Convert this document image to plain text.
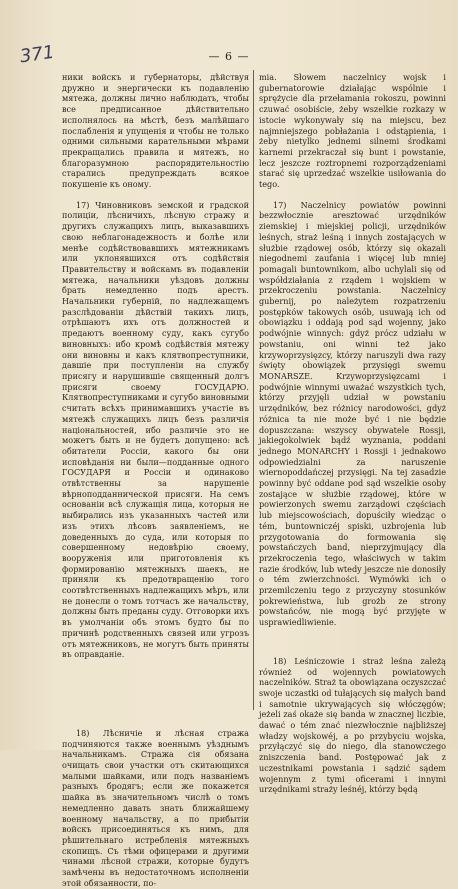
371	— 6 —

ники войскъ и губернаторы, дѣйствуя дружно и энергически къ подавленію мятежа, должны лично наблюдать, чтобы все предписанное дѣйствительно исполнялось на мѣстѣ, безъ малѣйшаго послабленія и упущенія и чтобы не только одними сильными карательными мѣрами прекращались правила и мятежъ, но благоразумною распорядительностію старались предупреждать всякое покушеніе къ оному.

17) Чиновниковъ земской и градской полиціи, лѣсничихъ, лѣсную стражу и другихъ служащихъ лицъ, выказавшихъ свою неблагонадежность и болѣе или менѣе содѣйствовавшихъ мятежникамъ или уклонявшихся отъ содѣйствія Правительству и войскамъ въ подавленіи мятежа, начальники уѣздовъ должны брать немедленно подъ арестъ. Начальники губерній, по надлежащемъ разслѣдованіи дѣйствій такихъ лицъ, отрѣшаютъ ихъ отъ должностей и предаютъ военному суду, какъ сугубо виновныхъ: ибо кромѣ содѣйствія мятежу они виновны и какъ клятвопреступники, давшіе при поступленіи на службу присягу и нарушившіе священный долгъ присяги своему ГОСУДАРЮ. Клятвопреступниками и сугубо виновными считать всѣхъ принимавшихъ участіе въ мятежѣ служащихъ лицъ безъ различія національностей, ибо различіе это не можетъ быть и не будетъ допущено: всѣ обитатели Россіи, какого бы они исповѣданія ни были—подданные одного ГОСУДАРЯ и Россіи и одинаково отвѣтственны за нарушеніе вѣрноподданнической присяги. На семъ основаніи всѣ служащія лица, которыя не выбирались изъ указанныхъ частей или изъ этихъ лѣсовъ заявленіемъ, не доведенныхъ до суда, или которыя по совершенному недовѣрію своему, вооруженія или приготовленія къ формированію мятежныхъ шаекъ, не приняли къ предотвращенію того соотвѣтственныхъ надлежащихъ мѣръ, или не донесли о томъ тотчасъ же начальству, должны быть преданы суду. Отговорки ихъ въ умолчаніи объ этомъ будто бы по причинѣ родственныхъ связей или угрозъ отъ мятежниковъ, не могутъ быть приняты въ оправданіе.

18) Лѣсничіе и лѣсная стража подчиняются также военнымъ уѣзднымъ начальникамъ. Стража сія обязана очищать свои участки отъ скитающихся малыми шайками, или подъ названіемъ разныхъ бродягъ; если же покажется шайка въ значительномъ числѣ о томъ немедленно давать знать ближайшему военному начальству, а по прибытіи войскъ присоединяться къ нимъ, для рѣшительнаго истребленія мятежныхъ скопищъ. Съ тѣми офицерами и другими чинами лѣсной стражи, которые будутъ замѣчены въ недостаточномъ исполненіи этой обязанности, по-

mia. Słowem naczelnicy wojsk i gubernatorowie działając wspólnie i sprężycie dla przełamania rokoszu, powinni czuwać osobiście, żeby wszelkie rozkazy w istocie wykonywały się na miejscu, bez najmniejszego pobłażania i odstąpienia, i żeby nietylko jednemi silnemi środkami karnemi przekraczał się bunt i powstanie, lecz jeszcze roztropnemi rozporządzeniami starać się uprzedzać wszelkie usiłowania do tego.

17) Naczelnicy powiatów powinni bezzwłocznie aresztować urzędników ziemskiej i miejskiej policji, urzędników leśnych, straż leśną i innych zostających w służbie rządowej osób, którzy się okazali niegodnemi zaufania i więcej lub mniej pomagali buntownikom, albo uchylali się od współdziałania z rządem i wojskiem w przekroczeniu powstania. Naczelnicy gubernij, po należytem rozpatrzeniu postępków takowych osób, usuwają ich od obowiązku i oddają pod sąd wojenny, jako podwójnie winnych: gdyż prócz udziału w powstaniu, oni winni też jako krzywoprzysięzcy, którzy naruszyli dwa razy święty obowiązek przysięgi swemu MONARSZE. Krzywoprzysięzcami i podwójnie winnymi uważać wszystkich tych, którzy przyjęli udział w powstaniu urzędników, bez różnicy narodowości, gdyż różnica ta nie może być i nie będzie dopuszczana: wszyscy obywatele Rossji, jakiegokolwiek bądź wyznania, poddani jednego MONARCHY i Rossji i jednakowo odpowiedzialni za naruszenie wiernopoddańczej przysięgi. Na tej zasadzie powinny być oddane pod sąd wszelkie osoby zostające w służbie rządowej, które w powierzonych swemu zarządowi częściach lub miejscowościach, dopuściły wiedząc o tém, buntowniczéj spiski, uzbrojenia lub przygotowania do formowania się powstańczych band, nieprzyjmujący dla przekroczenia tego, właściwych w takim razie środków, lub wtedy jeszcze nie donosiły o tém zwierzchności. Wymówki ich o przemilczeniu tego z przyczyny stosunków pokrewieństwa, lub grożb ze strony powstańców, nie mogą być przyjęte w usprawiedliwienie.

18) Leśniczowie i straż leśna zależą również od wojennych powiatowych naczelników. Straż ta obowiązana oczyszczać swoje uczastki od tułających się małych band i samotnie ukrywających się włóczęgów; jeżeli zaś okaże się banda w znacznej liczbie, dawać o tém znać niezwłocznie najbliższej władzy wojskowéj, a po przybyciu wojska, przyłączyć się do niego, dla stanowczego zniszczenia band. Postępować jak z uczestnikami powstania i sądzić sądem wojennym z tymi oficerami i innymi urzędnikami straży leśnéj, którzy będą
